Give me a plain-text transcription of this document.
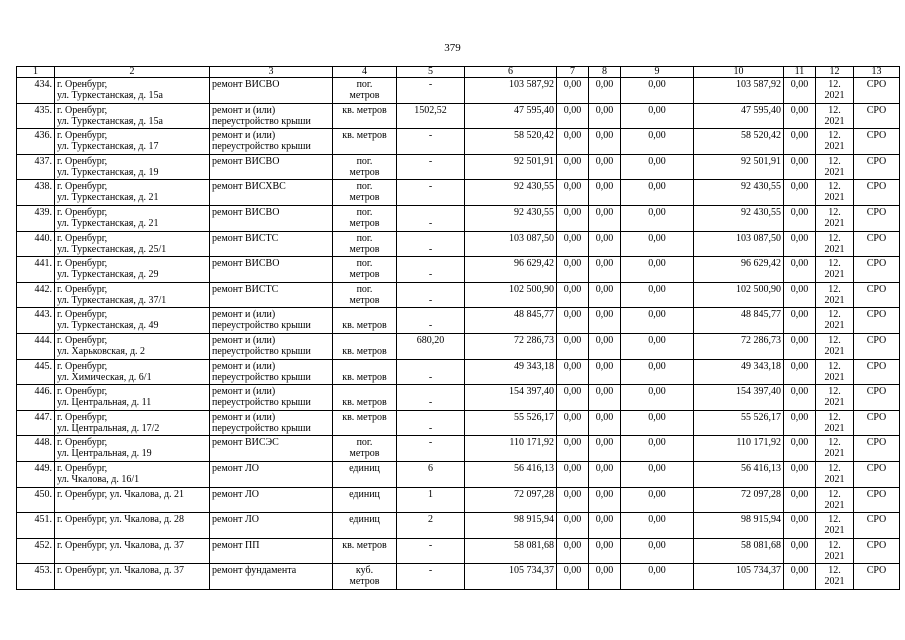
379
1	2	3	4	5	6	7	8	9	10	11	12	13
434.	г. Оренбург,
ул. Туркестанская, д. 15а	ремонт ВИСВО	пог.
метров	-	103 587,92	0,00	0,00	0,00	103 587,92	0,00	12.
2021	СРО
435.	г. Оренбург,
ул. Туркестанская, д. 15а	ремонт и (или)
переустройство крыши	кв. метров	1502,52	47 595,40	0,00	0,00	0,00	47 595,40	0,00	12.
2021	СРО
436.	г. Оренбург,
ул. Туркестанская, д. 17	ремонт и (или)
переустройство крыши	кв. метров	-	58 520,42	0,00	0,00	0,00	58 520,42	0,00	12.
2021	СРО
437.	г. Оренбург,
ул. Туркестанская, д. 19	ремонт ВИСВО	пог.
метров	-	92 501,91	0,00	0,00	0,00	92 501,91	0,00	12.
2021	СРО
438.	г. Оренбург,
ул. Туркестанская, д. 21	ремонт ВИСХВС	пог.
метров	-	92 430,55	0,00	0,00	0,00	92 430,55	0,00	12.
2021	СРО
439.	г. Оренбург,
ул. Туркестанская, д. 21	ремонт ВИСВО	пог.
метров	-	92 430,55	0,00	0,00	0,00	92 430,55	0,00	12.
2021	СРО
440.	г. Оренбург,
ул. Туркестанская, д. 25/1	ремонт ВИСТС	пог.
метров	-	103 087,50	0,00	0,00	0,00	103 087,50	0,00	12.
2021	СРО
441.	г. Оренбург,
ул. Туркестанская, д. 29	ремонт ВИСВО	пог.
метров	-	96 629,42	0,00	0,00	0,00	96 629,42	0,00	12.
2021	СРО
442.	г. Оренбург,
ул. Туркестанская, д. 37/1	ремонт ВИСТС	пог.
метров	-	102 500,90	0,00	0,00	0,00	102 500,90	0,00	12.
2021	СРО
443.	г. Оренбург,
ул. Туркестанская, д. 49	ремонт и (или)
переустройство крыши	кв. метров	-	48 845,77	0,00	0,00	0,00	48 845,77	0,00	12.
2021	СРО
444.	г. Оренбург,
ул. Харьковская, д. 2	ремонт и (или)
переустройство крыши	кв. метров	680,20	72 286,73	0,00	0,00	0,00	72 286,73	0,00	12.
2021	СРО
445.	г. Оренбург,
ул. Химическая, д. 6/1	ремонт и (или)
переустройство крыши	кв. метров	-	49 343,18	0,00	0,00	0,00	49 343,18	0,00	12.
2021	СРО
446.	г. Оренбург,
ул. Центральная, д. 11	ремонт и (или)
переустройство крыши	кв. метров	-	154 397,40	0,00	0,00	0,00	154 397,40	0,00	12.
2021	СРО
447.	г. Оренбург,
ул. Центральная, д. 17/2	ремонт и (или)
переустройство крыши	кв. метров	-	55 526,17	0,00	0,00	0,00	55 526,17	0,00	12.
2021	СРО
448.	г. Оренбург,
ул. Центральная, д. 19	ремонт ВИСЭС	пог.
метров	-	110 171,92	0,00	0,00	0,00	110 171,92	0,00	12.
2021	СРО
449.	г. Оренбург,
ул. Чкалова, д. 16/1	ремонт ЛО	единиц	6	56 416,13	0,00	0,00	0,00	56 416,13	0,00	12.
2021	СРО
450.	г. Оренбург, ул. Чкалова, д. 21	ремонт ЛО	единиц	1	72 097,28	0,00	0,00	0,00	72 097,28	0,00	12.
2021	СРО
451.	г. Оренбург, ул. Чкалова, д. 28	ремонт ЛО	единиц	2	98 915,94	0,00	0,00	0,00	98 915,94	0,00	12.
2021	СРО
452.	г. Оренбург, ул. Чкалова, д. 37	ремонт ПП	кв. метров	-	58 081,68	0,00	0,00	0,00	58 081,68	0,00	12.
2021	СРО
453.	г. Оренбург, ул. Чкалова, д. 37	ремонт фундамента	куб.
метров	-	105 734,37	0,00	0,00	0,00	105 734,37	0,00	12.
2021	СРО
